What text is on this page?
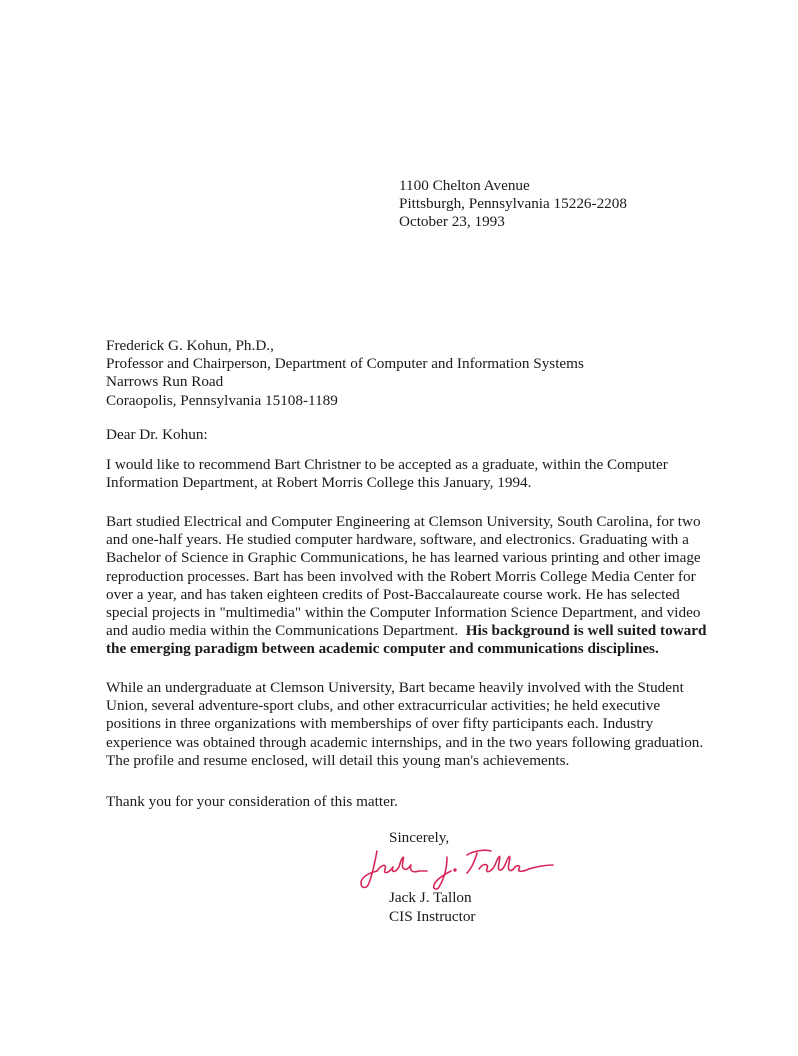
1100 Chelton Avenue
Pittsburgh, Pennsylvania 15226-2208
October 23, 1993
Frederick G. Kohun, Ph.D.,
Professor and Chairperson, Department of Computer and Information Systems
Narrows Run Road
Coraopolis, Pennsylvania 15108-1189
Dear Dr. Kohun:
I would like to recommend Bart Christner to be accepted as a graduate, within the Computer
Information Department, at Robert Morris College this January, 1994.
Bart studied Electrical and Computer Engineering at Clemson University, South Carolina, for two
and one-half years. He studied computer hardware, software, and electronics. Graduating with a
Bachelor of Science in Graphic Communications, he has learned various printing and other image
reproduction processes. Bart has been involved with the Robert Morris College Media Center for
over a year, and has taken eighteen credits of Post-Baccalaureate course work. He has selected
special projects in "multimedia" within the Computer Information Science Department, and video
and audio media within the Communications Department.  His background is well suited toward
the emerging paradigm between academic computer and communications disciplines.
While an undergraduate at Clemson University, Bart became heavily involved with the Student
Union, several adventure-sport clubs, and other extracurricular activities; he held executive
positions in three organizations with memberships of over fifty participants each. Industry
experience was obtained through academic internships, and in the two years following graduation.
The profile and resume enclosed, will detail this young man's achievements.
Thank you for your consideration of this matter.
Sincerely,
Jack J. Tallon
CIS Instructor
